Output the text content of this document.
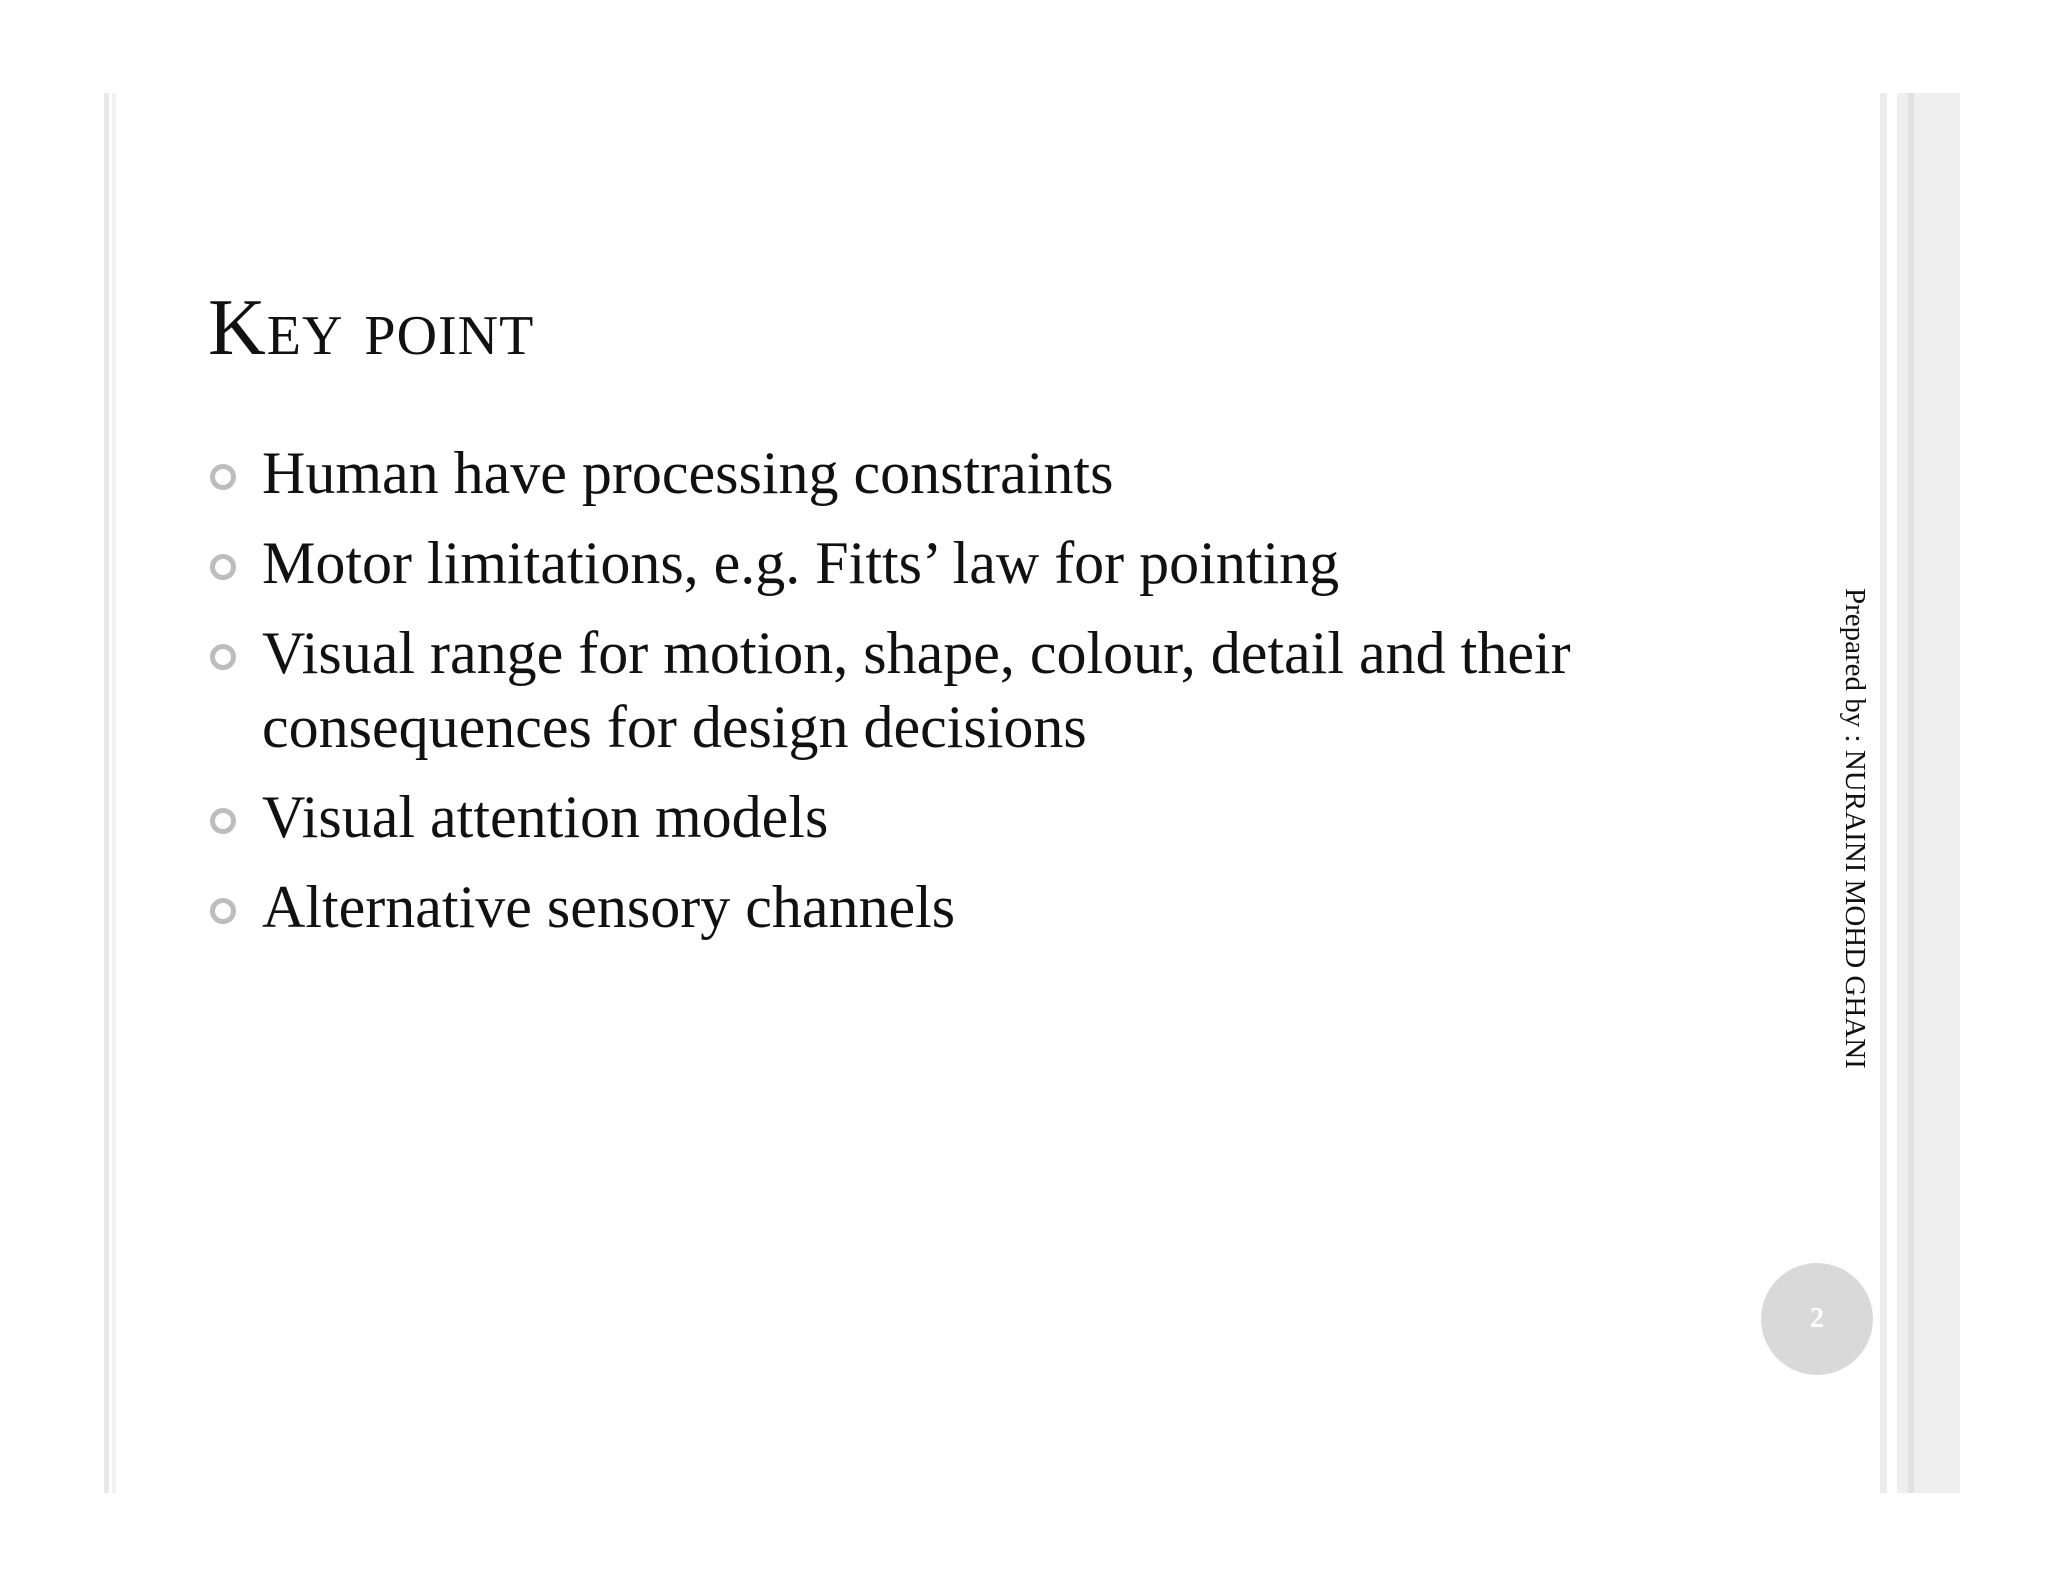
Key point
Human have processing constraints
Motor limitations, e.g. Fitts’ law for pointing
Visual range for motion, shape, colour, detail and their consequences for design decisions
Visual attention models
Alternative sensory channels	Prepared by : NURAINI MOHD GHANI
2
